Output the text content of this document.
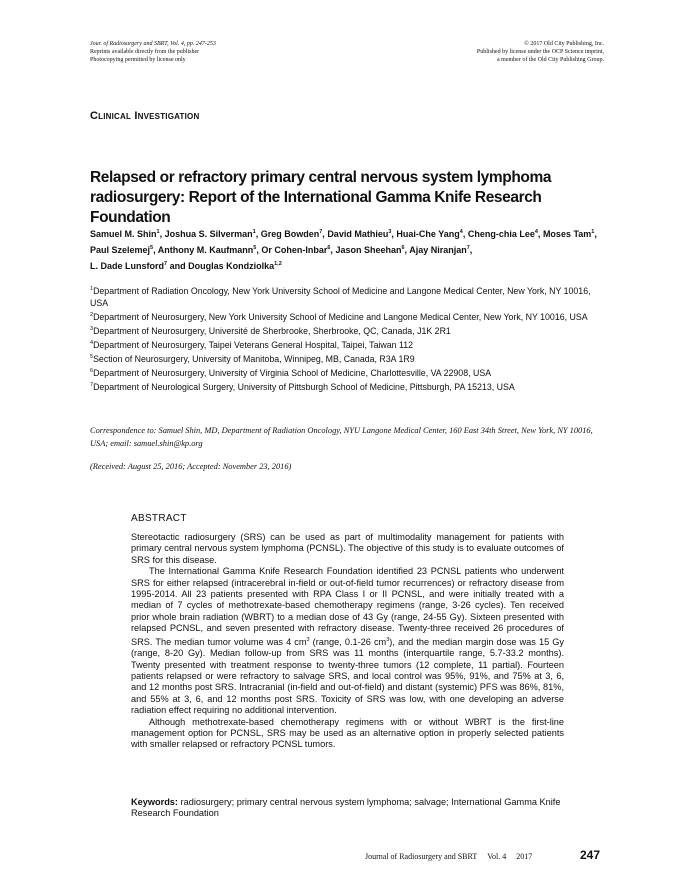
Jour. of Radiosurgery and SBRT, Vol. 4, pp. 247-253
Reprints available directly from the publisher
Photocopying permitted by license only
© 2017 Old City Publishing, Inc.
Published by license under the OCP Science imprint,
a member of the Old City Publishing Group.
Clinical Investigation
Relapsed or refractory primary central nervous system lymphoma radiosurgery: Report of the International Gamma Knife Research Foundation
Samuel M. Shin$^1$, Joshua S. Silverman$^1$, Greg Bowden$^7$, David Mathieu$^3$, Huai-Che Yang$^4$, Cheng-chia Lee$^4$, Moses Tam$^1$, Paul Szelemej$^5$, Anthony M. Kaufmann$^5$, Or Cohen-Inbar$^6$, Jason Sheehan$^6$, Ajay Niranjan$^7$,
L. Dade Lunsford$^7$ and Douglas Kondziolka$^{1,2}$
$^1$Department of Radiation Oncology, New York University School of Medicine and Langone Medical Center, New York, NY 10016, USA
$^2$Department of Neurosurgery, New York University School of Medicine and Langone Medical Center, New York, NY 10016, USA
$^3$Department of Neurosurgery, Université de Sherbrooke, Sherbrooke, QC, Canada, J1K 2R1
$^4$Department of Neurosurgery, Taipei Veterans General Hospital, Taipei, Taiwan 112
$^5$Section of Neurosurgery, University of Manitoba, Winnipeg, MB, Canada, R3A 1R9
$^6$Department of Neurosurgery, University of Virginia School of Medicine, Charlottesville, VA 22908, USA
$^7$Department of Neurological Surgery, University of Pittsburgh School of Medicine, Pittsburgh, PA 15213, USA
Correspondence to: Samuel Shin, MD, Department of Radiation Oncology, NYU Langone Medical Center, 160 East 34th Street, New York, NY 10016, USA; email: samuel.shin@kp.org
(Received: August 25, 2016; Accepted: November 23, 2016)
ABSTRACT

Stereotactic radiosurgery (SRS) can be used as part of multimodality management for patients with primary central nervous system lymphoma (PCNSL). The objective of this study is to evaluate outcomes of SRS for this disease.

The International Gamma Knife Research Foundation identified 23 PCNSL patients who underwent SRS for either relapsed (intracerebral in-field or out-of-field tumor recurrences) or refractory disease from 1995-2014. All 23 patients presented with RPA Class I or II PCNSL, and were initially treated with a median of 7 cycles of methotrexate-based chemotherapy regimens (range, 3-26 cycles). Ten received prior whole brain radiation (WBRT) to a median dose of 43 Gy (range, 24-55 Gy). Sixteen presented with relapsed PCNSL, and seven presented with refractory disease. Twenty-three received 26 procedures of SRS. The median tumor volume was 4 $cm^3$ (range, 0.1-26 $cm^3$), and the median margin dose was 15 Gy (range, 8-20 Gy). Median follow-up from SRS was 11 months (interquartile range, 5.7-33.2 months). Twenty presented with treatment response to twenty-three tumors (12 complete, 11 partial). Fourteen patients relapsed or were refractory to salvage SRS, and local control was 95%, 91%, and 75% at 3, 6, and 12 months post SRS. Intracranial (in-field and out-of-field) and distant (systemic) PFS was 86%, 81%, and 55% at 3, 6, and 12 months post SRS. Toxicity of SRS was low, with one developing an adverse radiation effect requiring no additional intervention.

Although methotrexate-based chemotherapy regimens with or without WBRT is the first-line management option for PCNSL, SRS may be used as an alternative option in properly selected patients with smaller relapsed or refractory PCNSL tumors.

Keywords: radiosurgery; primary central nervous system lymphoma; salvage; International Gamma Knife Research Foundation
Journal of Radiosurgery and SBRT Vol. 4 2017	247
